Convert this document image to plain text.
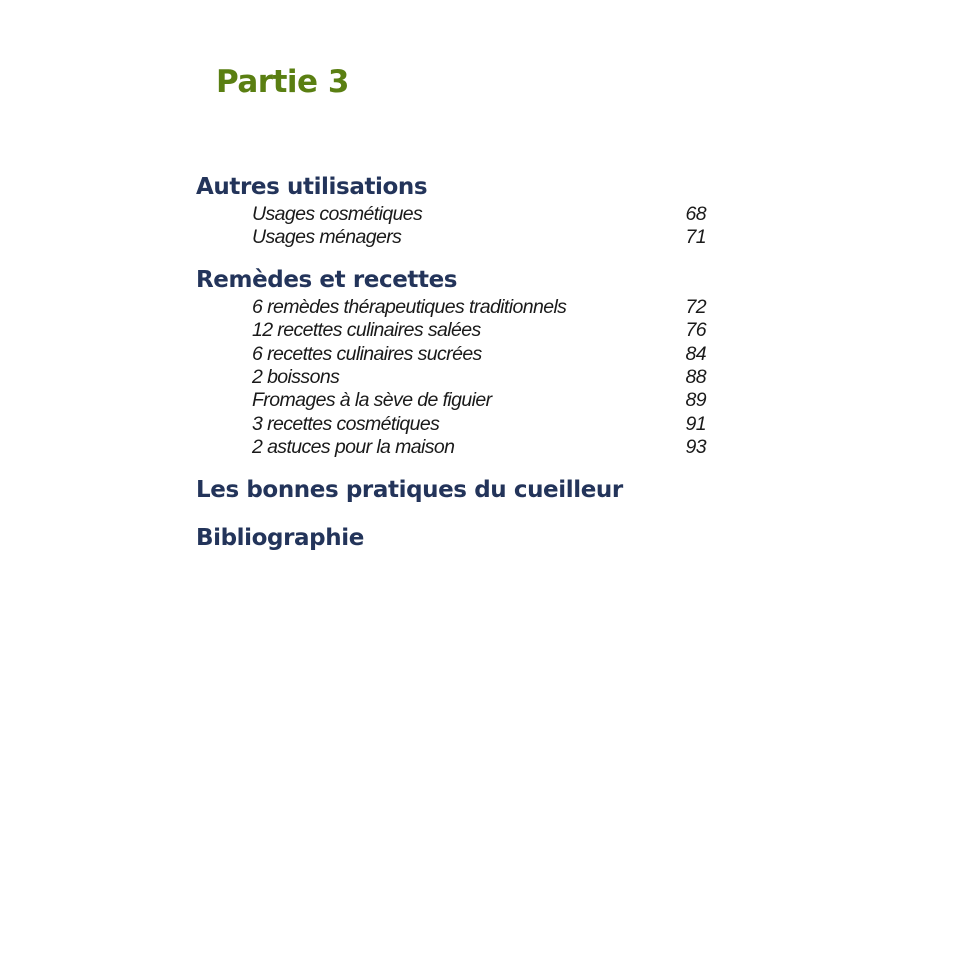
Partie 3
Autres utilisations
Usages cosmétiques	68
Usages ménagers	71
Remèdes et recettes
6 remèdes thérapeutiques traditionnels	72
12 recettes culinaires salées	76
6 recettes culinaires sucrées	84
2 boissons	88
Fromages à la sève de figuier	89
3 recettes cosmétiques	91
2 astuces pour la maison	93
Les bonnes pratiques du cueilleur
Bibliographie
